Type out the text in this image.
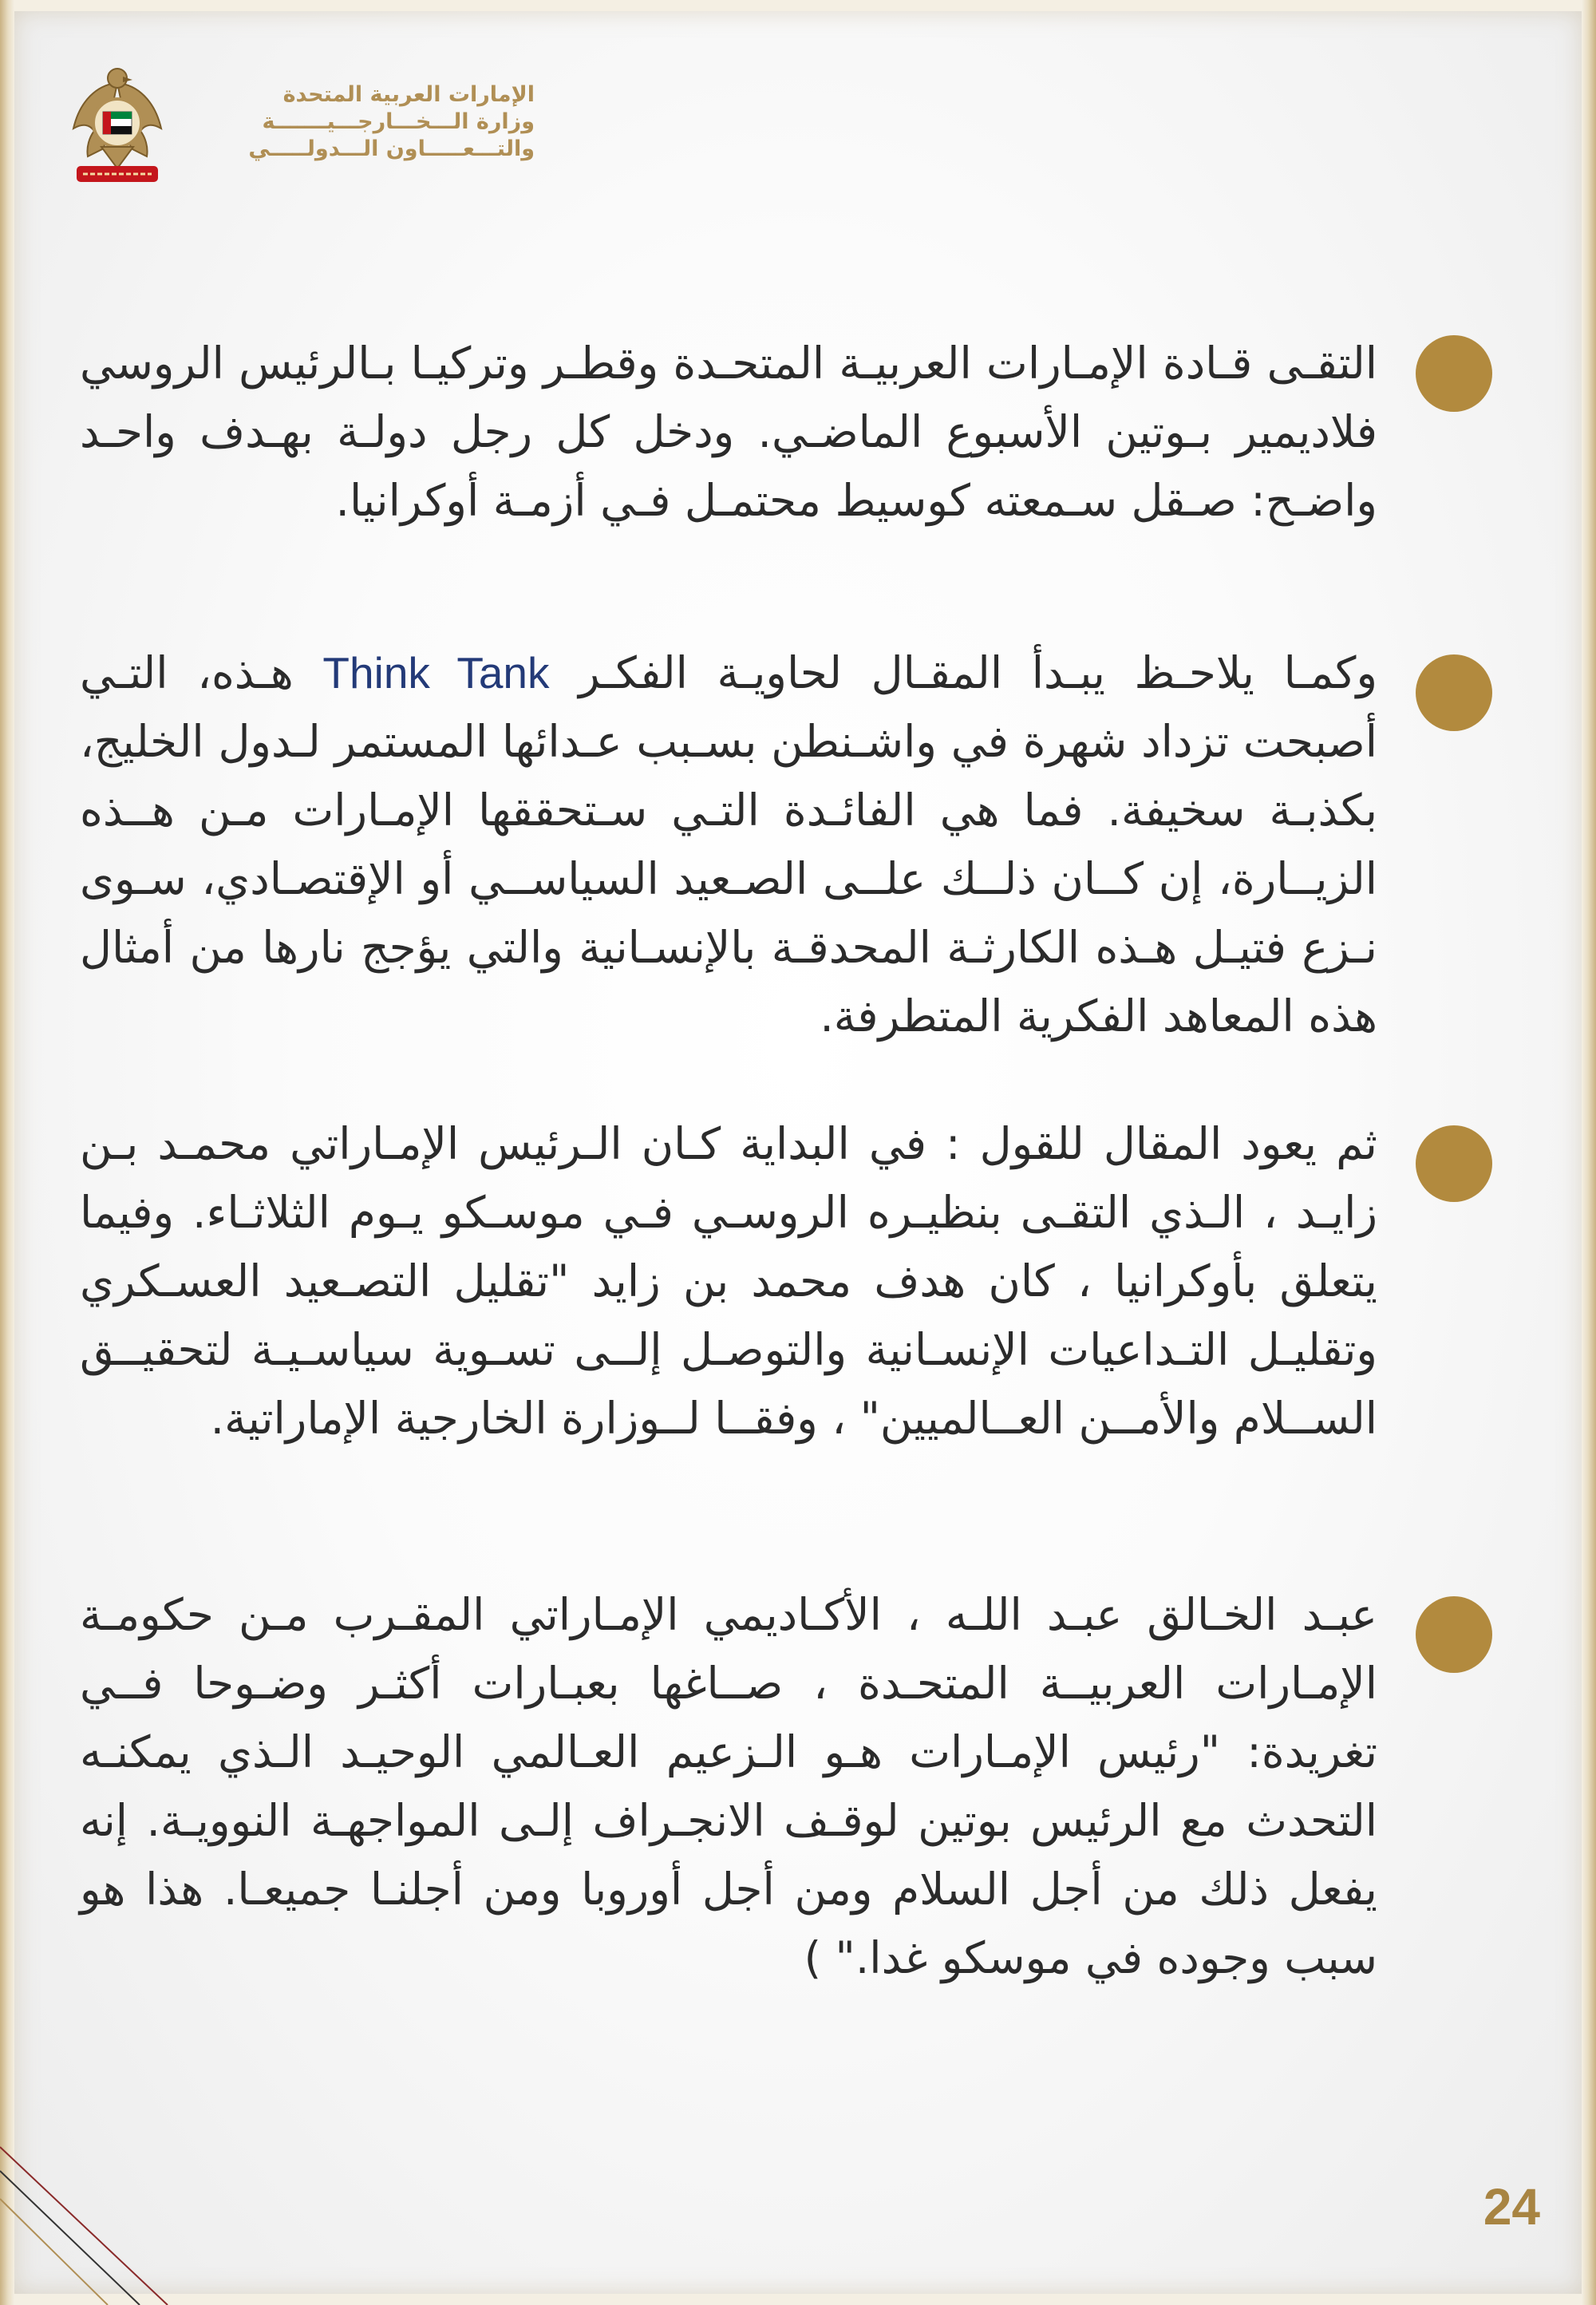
الإمارات العربية المتحدة
وزارة الـــخـــارجـــيـــــــة
والتـــعـــــاون الـــدولـــــي

التقـى قـادة الإمـارات العربيـة المتحـدة وقطـر وتركيـا بـالرئيس الروسي فلاديمير بـوتين الأسبوع الماضـي. ودخل كل رجل دولـة بهـدف واحـد واضـح: صـقل سـمعته كوسيط محتمـل فـي أزمـة أوكرانيا.

وكمـا يلاحـظ يبـدأ المقـال لحاويـة الفكـر Think Tank هـذه، التـي أصبحت تزداد شهرة في واشـنطن بسـبب عـدائها المستمر لـدول الخليج، بكذبـة سخيفة. فما هي الفائـدة التـي سـتحققها الإمـارات مـن هــذه الزيــارة، إن كــان ذلــك علــى الصـعيد السياســي أو الإقتصـادي، سـوى نـزع فتيـل هـذه الكارثـة المحدقـة بالإنسـانية والتي يؤجج نارها من أمثال هذه المعاهد الفكرية المتطرفة.

ثم يعود المقال للقول : في البداية كـان الـرئيس الإمـاراتي محمـد بـن زايـد ، الـذي التقـى بنظيـره الروسـي فـي موسـكو يـوم الثلاثـاء. وفيما يتعلق بأوكرانيا ، كان هدف محمد بن زايد "تقليل التصـعيد العسـكري وتقليـل التـداعيات الإنسـانية والتوصـل إلــى تسـوية سياسـيـة لتحقيــق الســلام والأمــن العــالميين" ، وفقــا لــوزارة الخارجية الإماراتية.

عبـد الخـالق عبـد اللـه ، الأكـاديمي الإمـاراتي المقـرب مـن حكومـة الإمـارات العربيــة المتحـدة ، صــاغها بعبـارات أكثـر وضـوحا فــي تغريدة: "رئيس الإمـارات هـو الـزعيم العـالمي الوحيـد الـذي يمكنـه التحدث مع الرئيس بوتين لوقـف الانجـراف إلـى المواجهـة النوويـة. إنه يفعل ذلك من أجل السلام ومن أجل أوروبا ومن أجلنـا جميعـا. هذا هو سبب وجوده في موسكو غدا." )

24
